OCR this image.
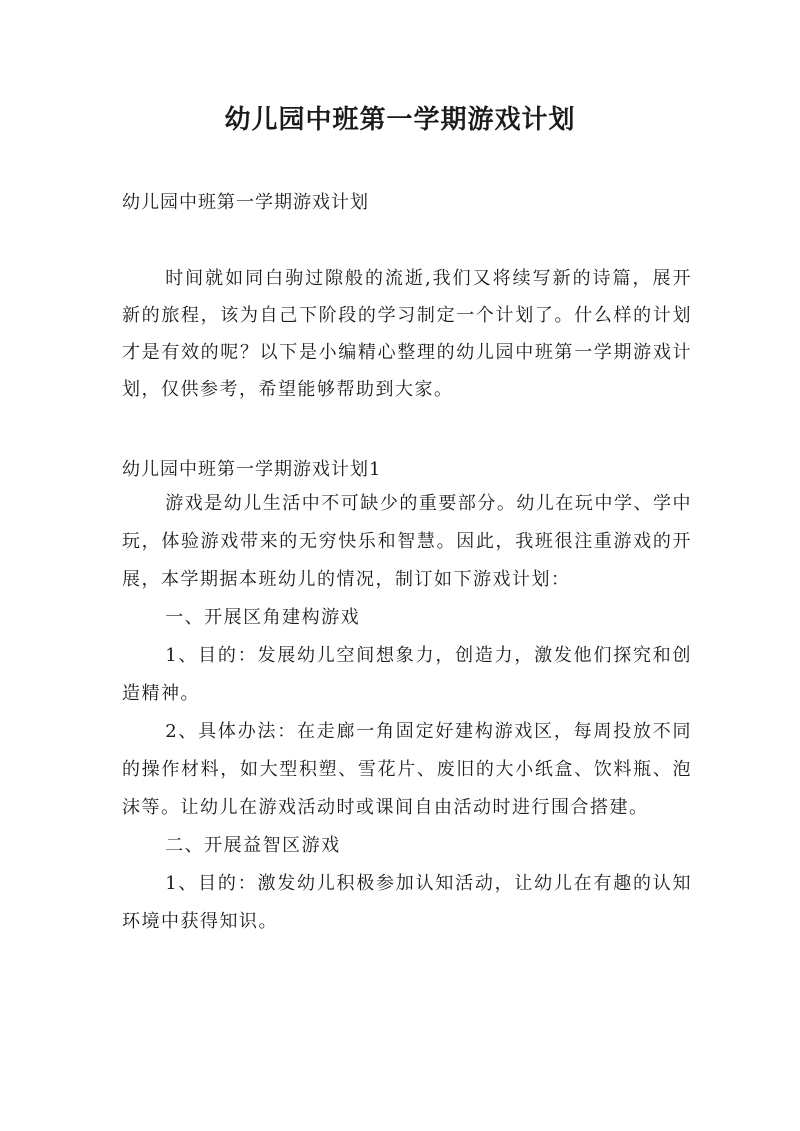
幼儿园中班第一学期游戏计划
幼儿园中班第一学期游戏计划
时间就如同白驹过隙般的流逝,我们又将续写新的诗篇，展开新的旅程，该为自己下阶段的学习制定一个计划了。什么样的计划才是有效的呢？以下是小编精心整理的幼儿园中班第一学期游戏计划，仅供参考，希望能够帮助到大家。
幼儿园中班第一学期游戏计划1

游戏是幼儿生活中不可缺少的重要部分。幼儿在玩中学、学中玩，体验游戏带来的无穷快乐和智慧。因此，我班很注重游戏的开展，本学期据本班幼儿的情况，制订如下游戏计划：

一、开展区角建构游戏

1、目的：发展幼儿空间想象力，创造力，激发他们探究和创造精神。

2、具体办法：在走廊一角固定好建构游戏区，每周投放不同的操作材料，如大型积塑、雪花片、废旧的大小纸盒、饮料瓶、泡沫等。让幼儿在游戏活动时或课间自由活动时进行围合搭建。

二、开展益智区游戏

1、目的：激发幼儿积极参加认知活动，让幼儿在有趣的认知环境中获得知识。
